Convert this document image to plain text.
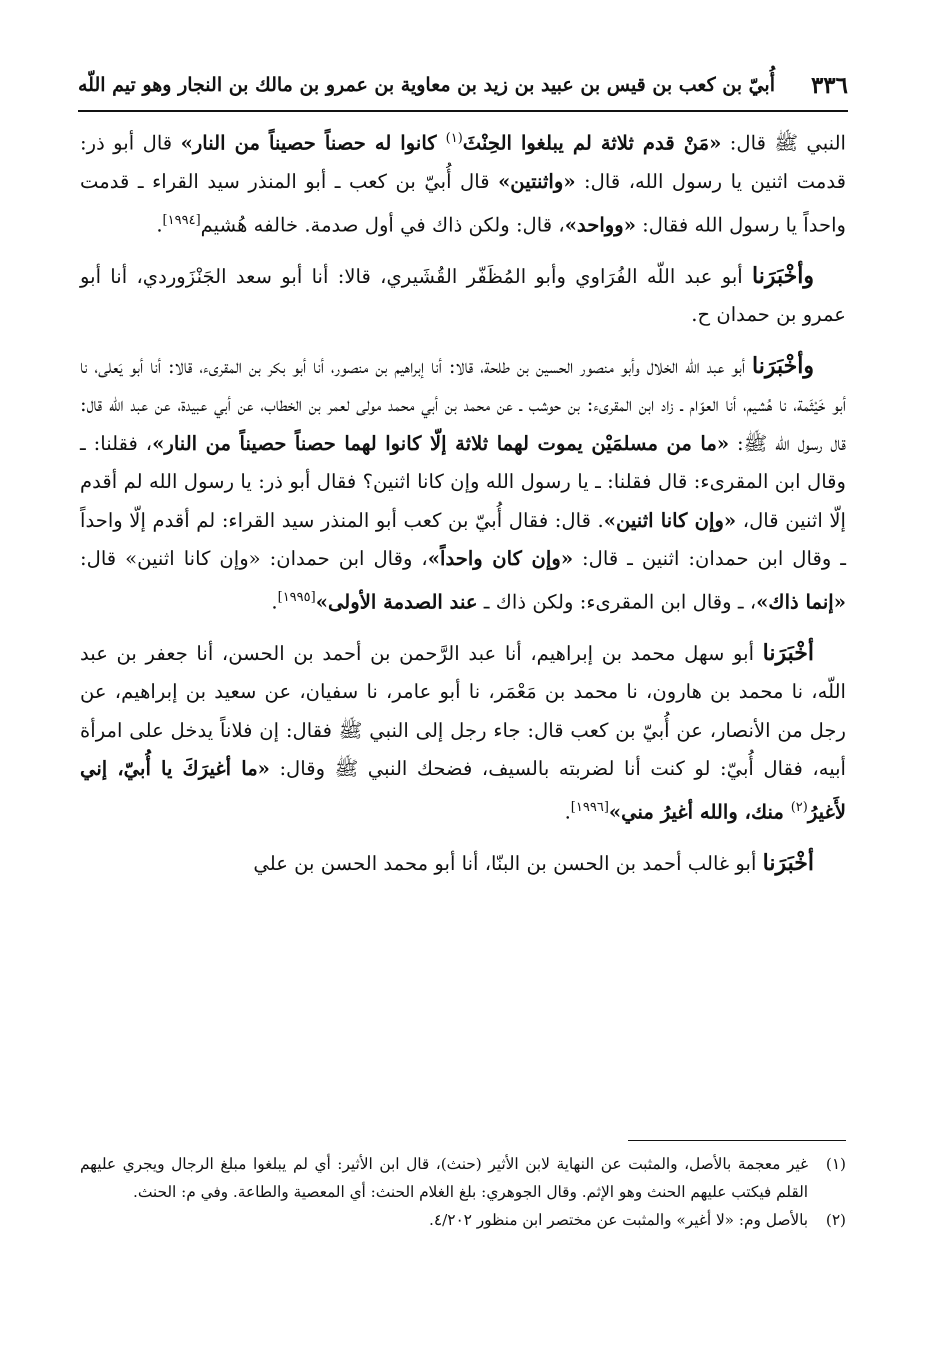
٣٣٦
أُبيّ بن كعب بن قيس بن عبيد بن زيد بن معاوية بن عمرو بن مالك بن النجار وهو تيم اللّه

النبي ﷺ قال: «مَنْ قدم ثلاثة لم يبلغوا الحِنْثَ$^{(١)}$ كانوا له حصناً حصيناً من النار» قال أبو ذر: قدمت اثنين يا رسول الله، قال: «واثنتين» قال أُبيّ بن كعب ـ أبو المنذر سيد القراء ـ قدمت واحداً يا رسول الله فقال: «وواحد»، قال: ولكن ذاك في أول صدمة. خالفه هُشيم[١٩٩٤].

وأخْبَرَنا أبو عبد اللّه الفُرَاوي وأبو المُظَفّر القُشَيري، قالا: أنا أبو سعد الجَنْزَوردي، أنا أبو عمرو بن حمدان ح.

وأخْبَرَنا أبو عبد اللّه الخلال وأبو منصور الحسين بن طلحة، قالا: أنا إبراهيم بن منصور، أنا أبو بكر بن المقرىء، قالا: أنا أبو يَعلى، نا أبو خَيْثَمة، نا هُشيم، أنا العوّام ـ زاد ابن المقرىء: بن حوشب ـ عن محمد بن أبي محمد مولى لعمر بن الخطاب، عن أبي عبيدة، عن عبد اللّه قال: قال رسول الله ﷺ: «ما من مسلمَيْن يموت لهما ثلاثة إلّا كانوا لهما حصناً حصيناً من النار»، فقلنا: ـ وقال ابن المقرىء: قال فقلنا: ـ يا رسول الله وإن كانا اثنين؟ فقال أبو ذر: يا رسول الله لم أقدم إلّا اثنين قال، «وإن كانا اثنين». قال: فقال أُبيّ بن كعب أبو المنذر سيد القراء: لم أقدم إلّا واحداً ـ وقال ابن حمدان: اثنين ـ قال: «وإن كان واحداً»، وقال ابن حمدان: «وإن كانا اثنين» قال: «إنما ذاك»، ـ وقال ابن المقرىء: ولكن ذاك ـ عند الصدمة الأولى»[١٩٩٥].

أخْبَرَنا أبو سهل محمد بن إبراهيم، أنا عبد الرَّحمن بن أحمد بن الحسن، أنا جعفر بن عبد اللّه، نا محمد بن هارون، نا محمد بن مَعْمَر، نا أبو عامر، نا سفيان، عن سعيد بن إبراهيم، عن رجل من الأنصار، عن أُبيّ بن كعب قال: جاء رجل إلى النبي ﷺ فقال: إن فلاناً يدخل على امرأة أبيه، فقال أُبيّ: لو كنت أنا لضربته بالسيف، فضحك النبي ﷺ وقال: «ما أغيرَكَ يا أُبيّ، إني لأَغيرُ$^{(٢)}$ منك، والله أغيرُ مني»[١٩٩٦].

أخْبَرَنا أبو غالب أحمد بن الحسن بن البنّا، أنا أبو محمد الحسن بن علي

(١)
غير معجمة بالأصل، والمثبت عن النهاية لابن الأثير (حنث)، قال ابن الأثير: أي لم يبلغوا مبلغ الرجال ويجري عليهم القلم فيكتب عليهم الحنث وهو الإثم. وقال الجوهري: بلغ الغلام الحنث: أي المعصية والطاعة. وفي م: الحنث.
(٢)
بالأصل وم: «لا أغير» والمثبت عن مختصر ابن منظور ٤/٢٠٢.
